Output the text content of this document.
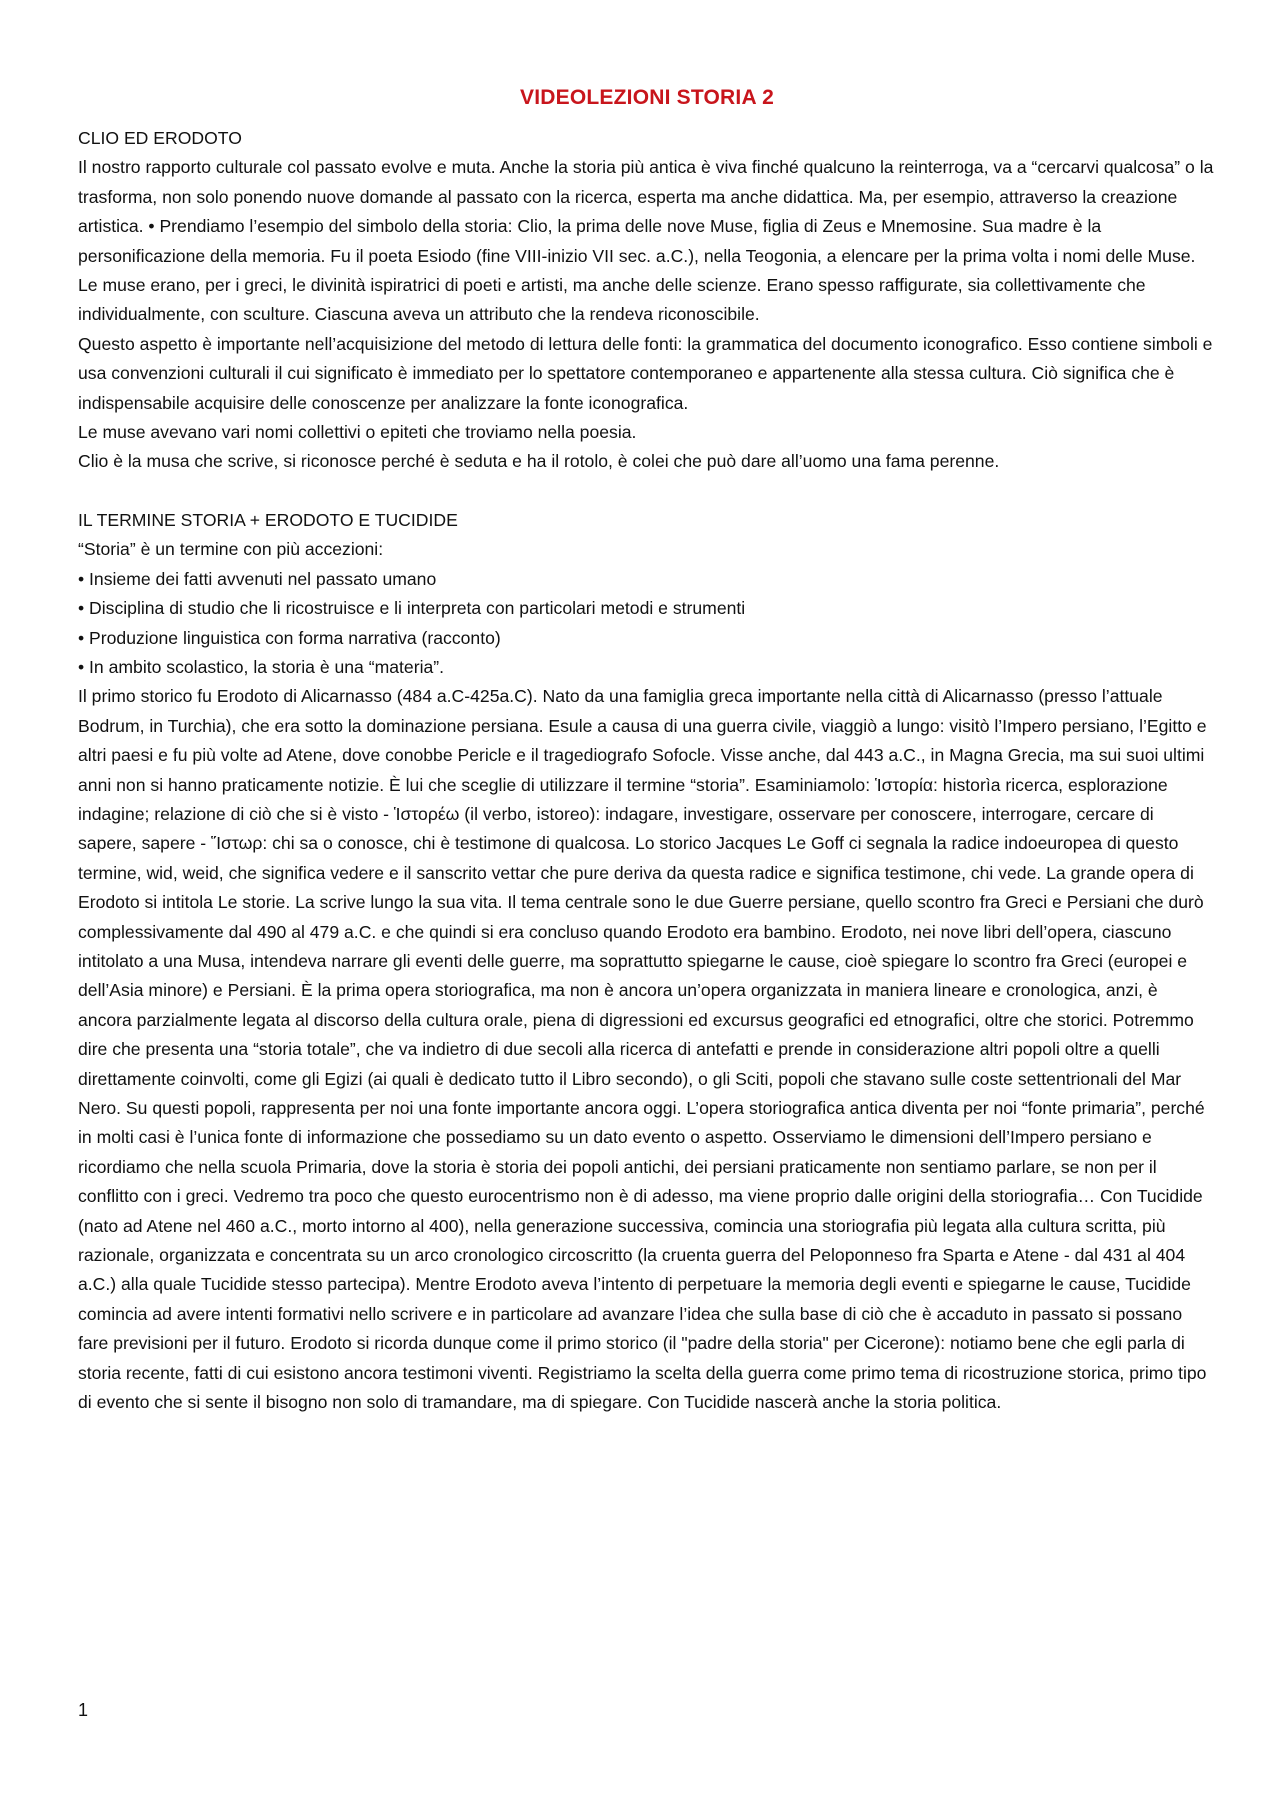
VIDEOLEZIONI STORIA 2

CLIO ED ERODOTO

Il nostro rapporto culturale col passato evolve e muta. Anche la storia più antica è viva finché qualcuno la reinterroga, va a “cercarvi qualcosa” o la trasforma, non solo ponendo nuove domande al passato con la ricerca, esperta ma anche didattica. Ma, per esempio, attraverso la creazione artistica. • Prendiamo l’esempio del simbolo della storia: Clio, la prima delle nove Muse, figlia di Zeus e Mnemosine. Sua madre è la personificazione della memoria. Fu il poeta Esiodo (fine VIII-inizio VII sec. a.C.), nella Teogonia, a elencare per la prima volta i nomi delle Muse.

Le muse erano, per i greci, le divinità ispiratrici di poeti e artisti, ma anche delle scienze. Erano spesso raffigurate, sia collettivamente che individualmente, con sculture. Ciascuna aveva un attributo che la rendeva riconoscibile.

Questo aspetto è importante nell’acquisizione del metodo di lettura delle fonti: la grammatica del documento iconografico. Esso contiene simboli e usa convenzioni culturali il cui significato è immediato per lo spettatore contemporaneo e appartenente alla stessa cultura. Ciò significa che è indispensabile acquisire delle conoscenze per analizzare la fonte iconografica.

Le muse avevano vari nomi collettivi o epiteti che troviamo nella poesia.

Clio è la musa che scrive, si riconosce perché è seduta e ha il rotolo, è colei che può dare all’uomo una fama perenne.

IL TERMINE STORIA + ERODOTO E TUCIDIDE

“Storia” è un termine con più accezioni:

• Insieme dei fatti avvenuti nel passato umano

• Disciplina di studio che li ricostruisce e li interpreta con particolari metodi e strumenti

• Produzione linguistica con forma narrativa (racconto)

• In ambito scolastico, la storia è una “materia”.

Il primo storico fu Erodoto di Alicarnasso (484 a.C-425a.C). Nato da una famiglia greca importante nella città di Alicarnasso (presso l’attuale Bodrum, in Turchia), che era sotto la dominazione persiana. Esule a causa di una guerra civile, viaggiò a lungo: visitò l’Impero persiano, l’Egitto e altri paesi e fu più volte ad Atene, dove conobbe Pericle e il tragediografo Sofocle. Visse anche, dal 443 a.C., in Magna Grecia, ma sui suoi ultimi anni non si hanno praticamente notizie. È lui che sceglie di utilizzare il termine “storia”. Esaminiamolo: Ἱστορία: historìa ricerca, esplorazione indagine; relazione di ciò che si è visto - Ἱστορέω (il verbo, istoreo): indagare, investigare, osservare per conoscere, interrogare, cercare di sapere, sapere - Ἵστωρ: chi sa o conosce, chi è testimone di qualcosa. Lo storico Jacques Le Goff ci segnala la radice indoeuropea di questo termine, wid, weid, che significa vedere e il sanscrito vettar che pure deriva da questa radice e significa testimone, chi vede. La grande opera di Erodoto si intitola Le storie. La scrive lungo la sua vita. Il tema centrale sono le due Guerre persiane, quello scontro fra Greci e Persiani che durò complessivamente dal 490 al 479 a.C. e che quindi si era concluso quando Erodoto era bambino. Erodoto, nei nove libri dell’opera, ciascuno intitolato a una Musa, intendeva narrare gli eventi delle guerre, ma soprattutto spiegarne le cause, cioè spiegare lo scontro fra Greci (europei e dell’Asia minore) e Persiani. È la prima opera storiografica, ma non è ancora un’opera organizzata in maniera lineare e cronologica, anzi, è ancora parzialmente legata al discorso della cultura orale, piena di digressioni ed excursus geografici ed etnografici, oltre che storici. Potremmo dire che presenta una “storia totale”, che va indietro di due secoli alla ricerca di antefatti e prende in considerazione altri popoli oltre a quelli direttamente coinvolti, come gli Egizi (ai quali è dedicato tutto il Libro secondo), o gli Sciti, popoli che stavano sulle coste settentrionali del Mar Nero. Su questi popoli, rappresenta per noi una fonte importante ancora oggi. L’opera storiografica antica diventa per noi “fonte primaria”, perché in molti casi è l’unica fonte di informazione che possediamo su un dato evento o aspetto. Osserviamo le dimensioni dell’Impero persiano e ricordiamo che nella scuola Primaria, dove la storia è storia dei popoli antichi, dei persiani praticamente non sentiamo parlare, se non per il conflitto con i greci. Vedremo tra poco che questo eurocentrismo non è di adesso, ma viene proprio dalle origini della storiografia… Con Tucidide (nato ad Atene nel 460 a.C., morto intorno al 400), nella generazione successiva, comincia una storiografia più legata alla cultura scritta, più razionale, organizzata e concentrata su un arco cronologico circoscritto (la cruenta guerra del Peloponneso fra Sparta e Atene - dal 431 al 404 a.C.) alla quale Tucidide stesso partecipa). Mentre Erodoto aveva l’intento di perpetuare la memoria degli eventi e spiegarne le cause, Tucidide comincia ad avere intenti formativi nello scrivere e in particolare ad avanzare l’idea che sulla base di ciò che è accaduto in passato si possano fare previsioni per il futuro. Erodoto si ricorda dunque come il primo storico (il "padre della storia" per Cicerone): notiamo bene che egli parla di storia recente, fatti di cui esistono ancora testimoni viventi. Registriamo la scelta della guerra come primo tema di ricostruzione storica, primo tipo di evento che si sente il bisogno non solo di tramandare, ma di spiegare. Con Tucidide nascerà anche la storia politica.

1
